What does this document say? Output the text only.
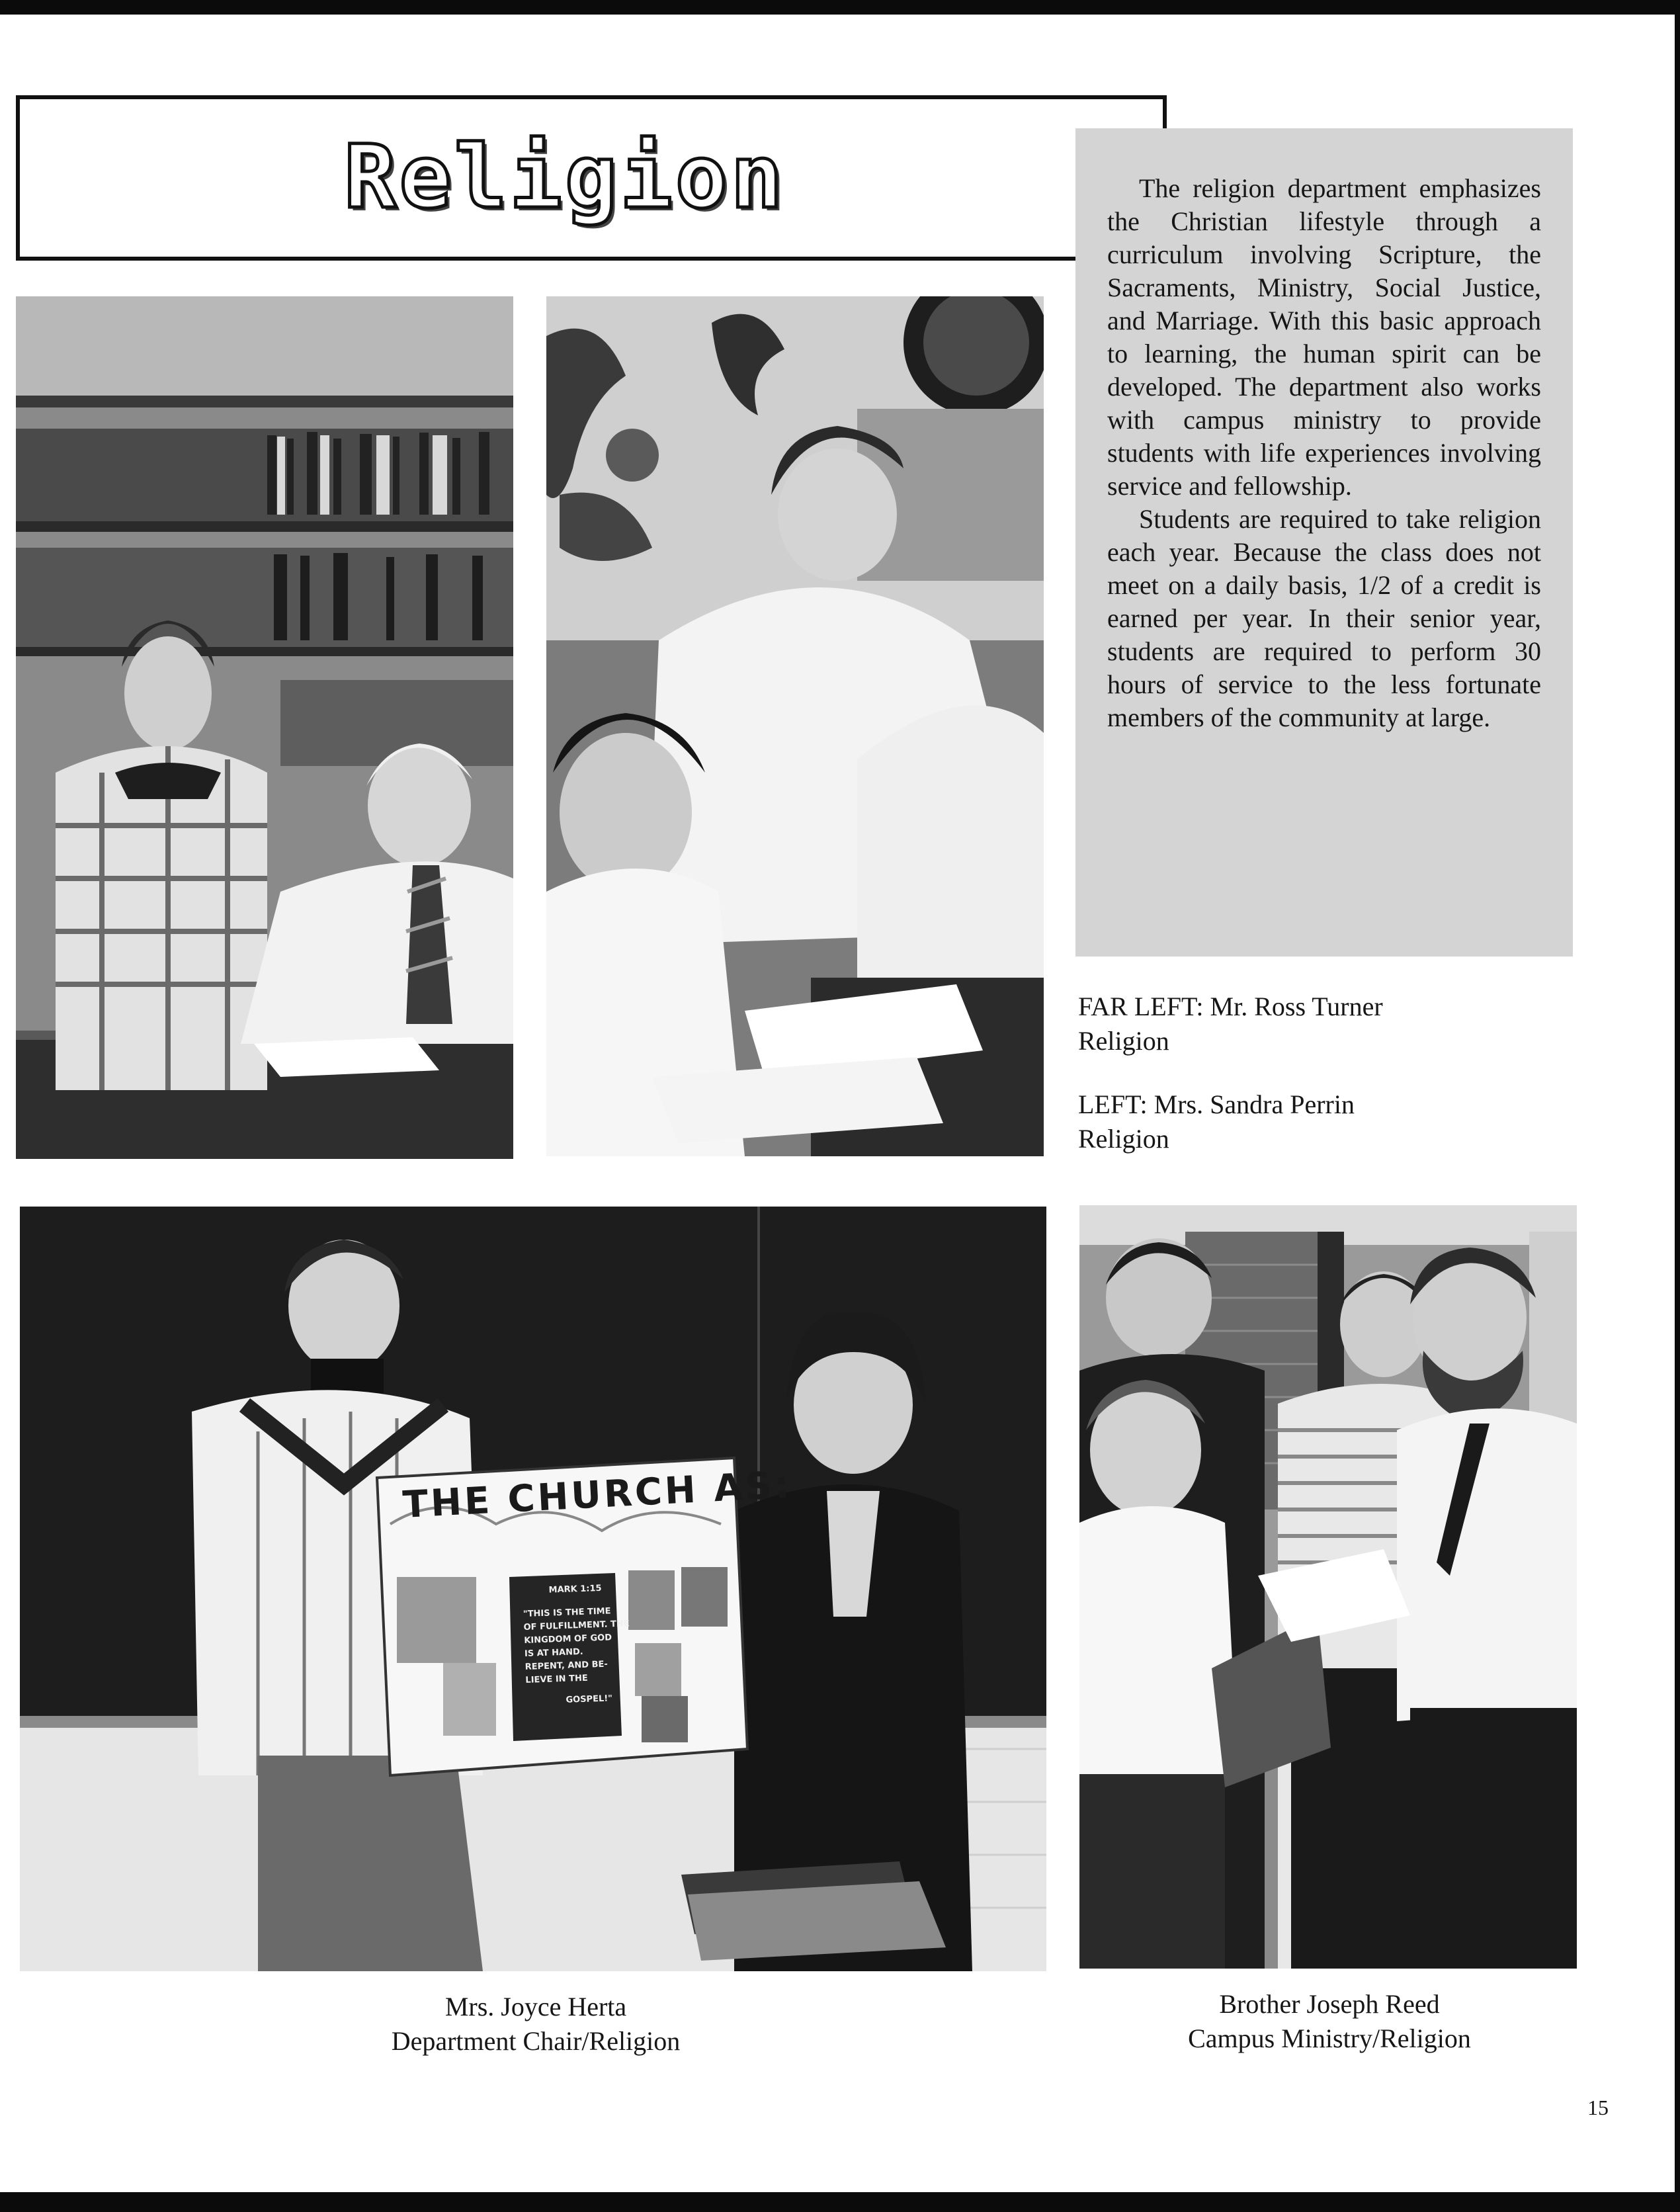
Religion	The religion department emphasizes the Christian lifestyle through a curriculum involving Scripture, the Sacraments, Ministry, Social Justice, and Marriage. With this basic approach to learning, the human spirit can be developed. The department also works with campus ministry to provide students with life experiences involving service and fellowship.

Students are required to take religion each year. Because the class does not meet on a daily basis, 1/2 of a credit is earned per year. In their senior year, students are required to perform 30 hours of service to the less fortunate members of the community at large.

THE CHURCH AS:
MARK 1:15
"THIS IS THE TIME
OF FULFILLMENT. THE
KINGDOM OF GOD
IS AT HAND.
REPENT, AND BE-
LIEVE IN THE
GOSPEL!"
FAR LEFT: Mr. Ross Turner
Religion
LEFT: Mrs. Sandra Perrin
Religion
Mrs. Joyce Herta
Department Chair/Religion
Brother Joseph Reed
Campus Ministry/Religion
15
